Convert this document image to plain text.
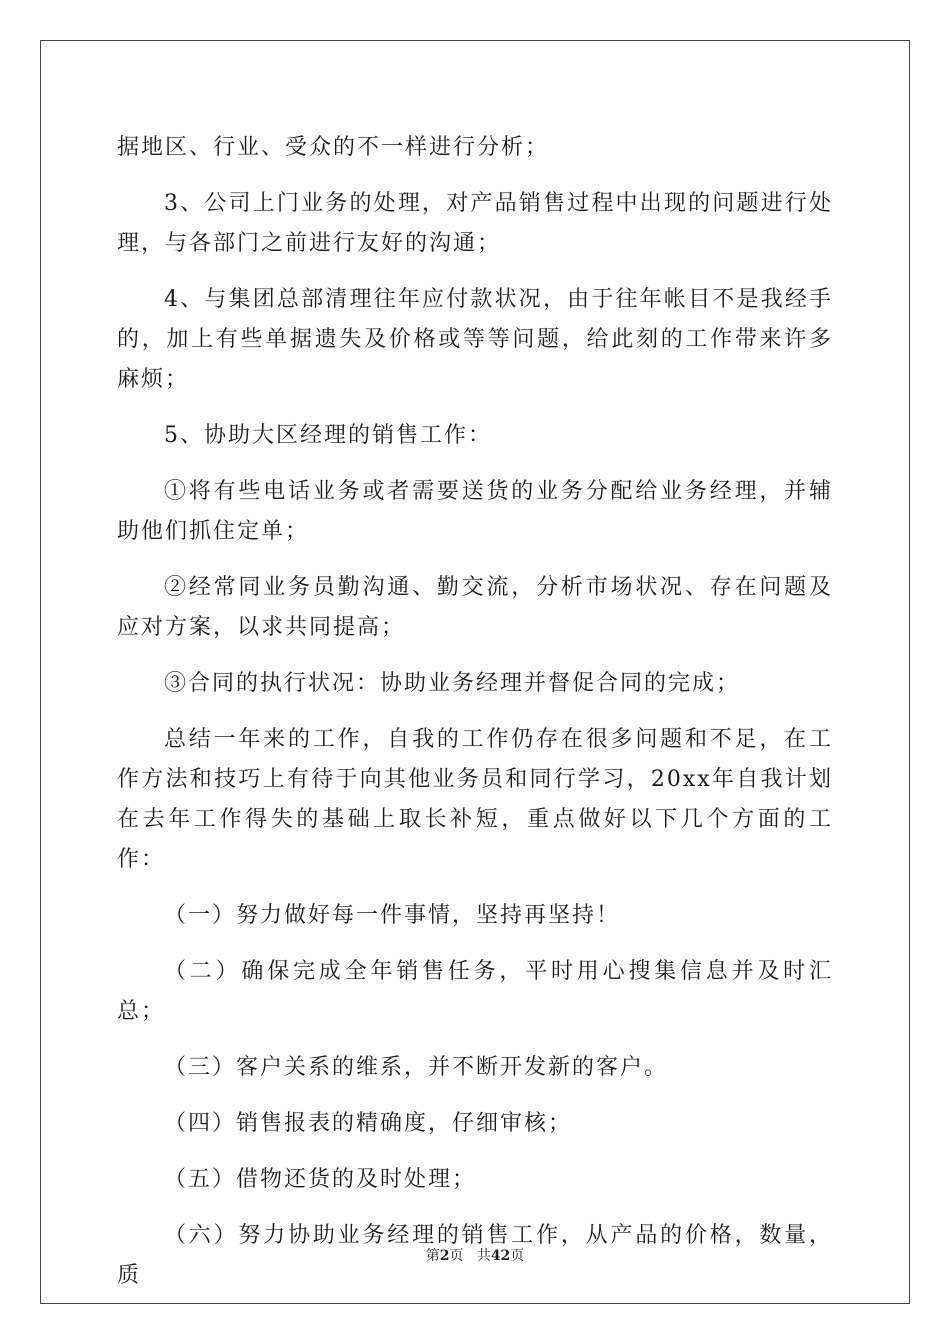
据地区、行业、受众的不一样进行分析；

3、公司上门业务的处理，对产品销售过程中出现的问题进行处理，与各部门之前进行友好的沟通；

4、与集团总部清理往年应付款状况，由于往年帐目不是我经手的，加上有些单据遗失及价格或等等问题，给此刻的工作带来许多麻烦；

5、协助大区经理的销售工作：

①将有些电话业务或者需要送货的业务分配给业务经理，并辅助他们抓住定单；

②经常同业务员勤沟通、勤交流，分析市场状况、存在问题及应对方案，以求共同提高；

③合同的执行状况：协助业务经理并督促合同的完成；

总结一年来的工作，自我的工作仍存在很多问题和不足，在工作方法和技巧上有待于向其他业务员和同行学习，20xx年自我计划在去年工作得失的基础上取长补短，重点做好以下几个方面的工作：

（一）努力做好每一件事情，坚持再坚持！

（二）确保完成全年销售任务，平时用心搜集信息并及时汇总；

（三）客户关系的维系，并不断开发新的客户。

（四）销售报表的精确度，仔细审核；

（五）借物还货的及时处理；

（六）努力协助业务经理的销售工作，从产品的价格，数量，质

第2页 共42页
